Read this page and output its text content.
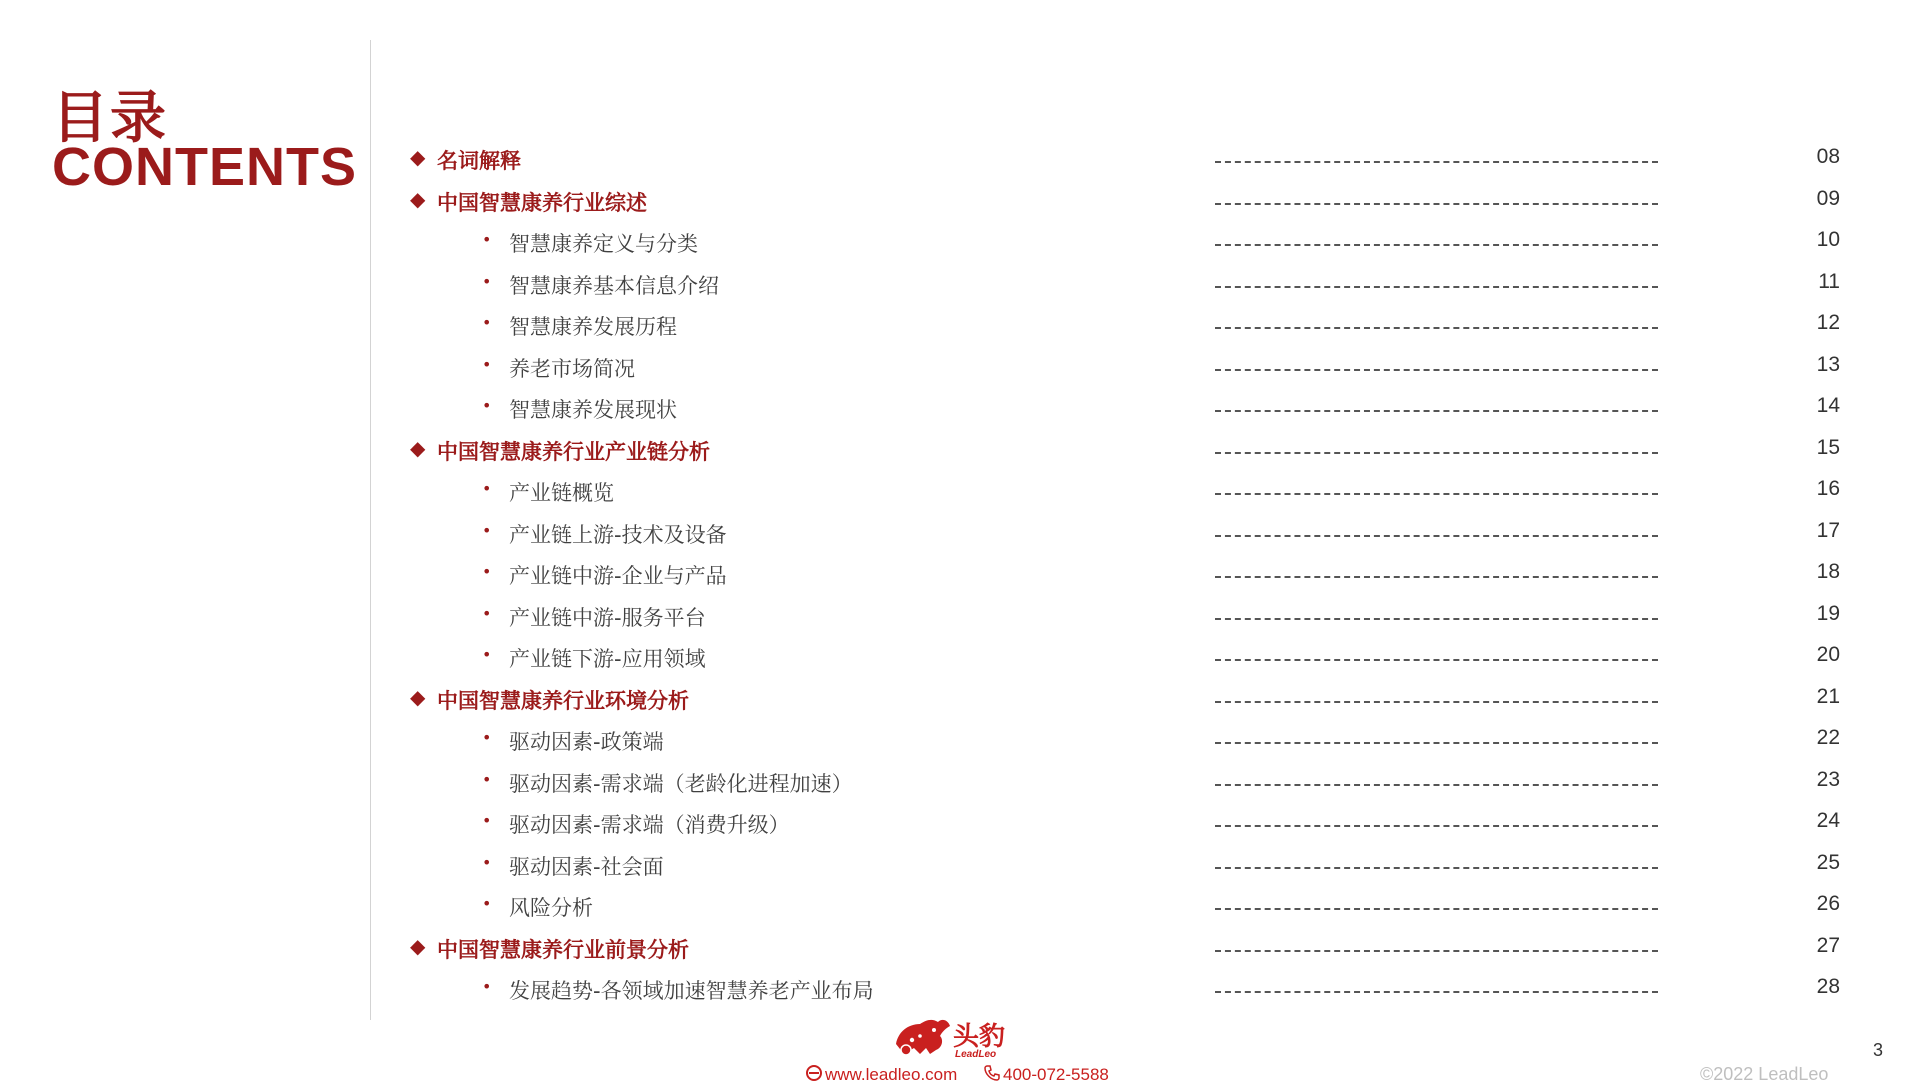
目录
CONTENTS	◆ 名词解释	08
◆ 中国智慧康养行业综述	09
• 智慧康养定义与分类	10
• 智慧康养基本信息介绍	11
• 智慧康养发展历程	12
• 养老市场简况	13
• 智慧康养发展现状	14
◆ 中国智慧康养行业产业链分析	15
• 产业链概览	16
• 产业链上游-技术及设备	17
• 产业链中游-企业与产品	18
• 产业链中游-服务平台	19
• 产业链下游-应用领域	20
◆ 中国智慧康养行业环境分析	21
• 驱动因素-政策端	22
• 驱动因素-需求端（老龄化进程加速）	23
• 驱动因素-需求端（消费升级）	24
• 驱动因素-社会面	25
• 风险分析	26
◆ 中国智慧康养行业前景分析	27
• 发展趋势-各领域加速智慧养老产业布局	28
头豹
LeadLeo
www.leadleo.com	400-072-5588
3
©2022 LeadLeo
